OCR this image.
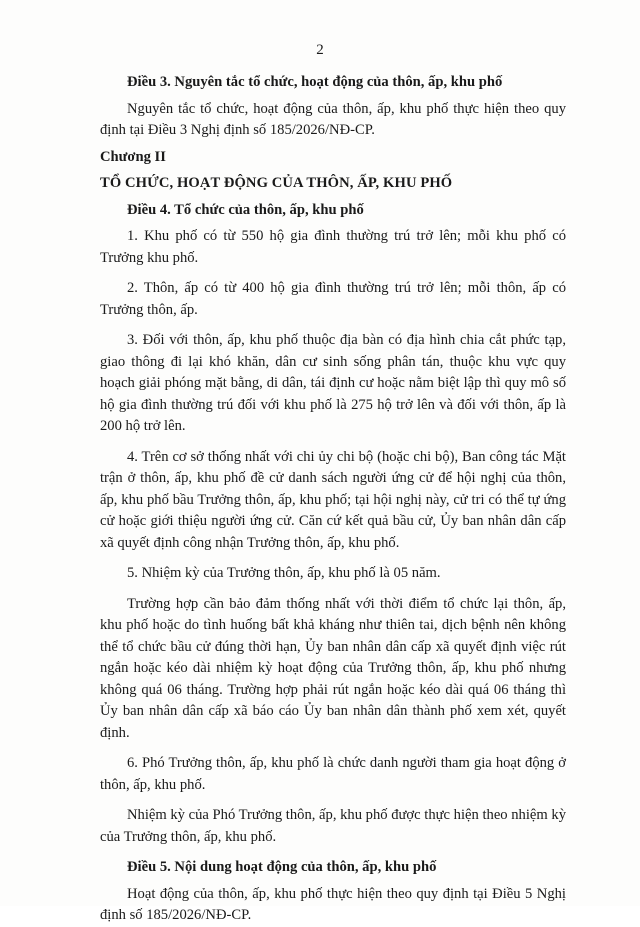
2

Điều 3. Nguyên tắc tổ chức, hoạt động của thôn, ấp, khu phố

Nguyên tắc tổ chức, hoạt động của thôn, ấp, khu phố thực hiện theo quy định tại Điều 3 Nghị định số 185/2026/NĐ-CP.

Chương II

TỔ CHỨC, HOẠT ĐỘNG CỦA THÔN, ẤP, KHU PHỐ

Điều 4. Tổ chức của thôn, ấp, khu phố

1. Khu phố có từ 550 hộ gia đình thường trú trở lên; mỗi khu phố có Trưởng khu phố.

2. Thôn, ấp có từ 400 hộ gia đình thường trú trở lên; mỗi thôn, ấp có Trưởng thôn, ấp.

3. Đối với thôn, ấp, khu phố thuộc địa bàn có địa hình chia cắt phức tạp, giao thông đi lại khó khăn, dân cư sinh sống phân tán, thuộc khu vực quy hoạch giải phóng mặt bằng, di dân, tái định cư hoặc nằm biệt lập thì quy mô số hộ gia đình thường trú đối với khu phố là 275 hộ trở lên và đối với thôn, ấp là 200 hộ trở lên.

4. Trên cơ sở thống nhất với chi ủy chi bộ (hoặc chi bộ), Ban công tác Mặt trận ở thôn, ấp, khu phố đề cử danh sách người ứng cử để hội nghị của thôn, ấp, khu phố bầu Trưởng thôn, ấp, khu phố; tại hội nghị này, cử tri có thể tự ứng cử hoặc giới thiệu người ứng cử. Căn cứ kết quả bầu cử, Ủy ban nhân dân cấp xã quyết định công nhận Trưởng thôn, ấp, khu phố.

5. Nhiệm kỳ của Trưởng thôn, ấp, khu phố là 05 năm.

Trường hợp cần bảo đảm thống nhất với thời điểm tổ chức lại thôn, ấp, khu phố hoặc do tình huống bất khả kháng như thiên tai, dịch bệnh nên không thể tổ chức bầu cử đúng thời hạn, Ủy ban nhân dân cấp xã quyết định việc rút ngắn hoặc kéo dài nhiệm kỳ hoạt động của Trưởng thôn, ấp, khu phố nhưng không quá 06 tháng. Trường hợp phải rút ngắn hoặc kéo dài quá 06 tháng thì Ủy ban nhân dân cấp xã báo cáo Ủy ban nhân dân thành phố xem xét, quyết định.

6. Phó Trưởng thôn, ấp, khu phố là chức danh người tham gia hoạt động ở thôn, ấp, khu phố.

Nhiệm kỳ của Phó Trưởng thôn, ấp, khu phố được thực hiện theo nhiệm kỳ của Trưởng thôn, ấp, khu phố.

Điều 5. Nội dung hoạt động của thôn, ấp, khu phố

Hoạt động của thôn, ấp, khu phố thực hiện theo quy định tại Điều 5 Nghị định số 185/2026/NĐ-CP.
